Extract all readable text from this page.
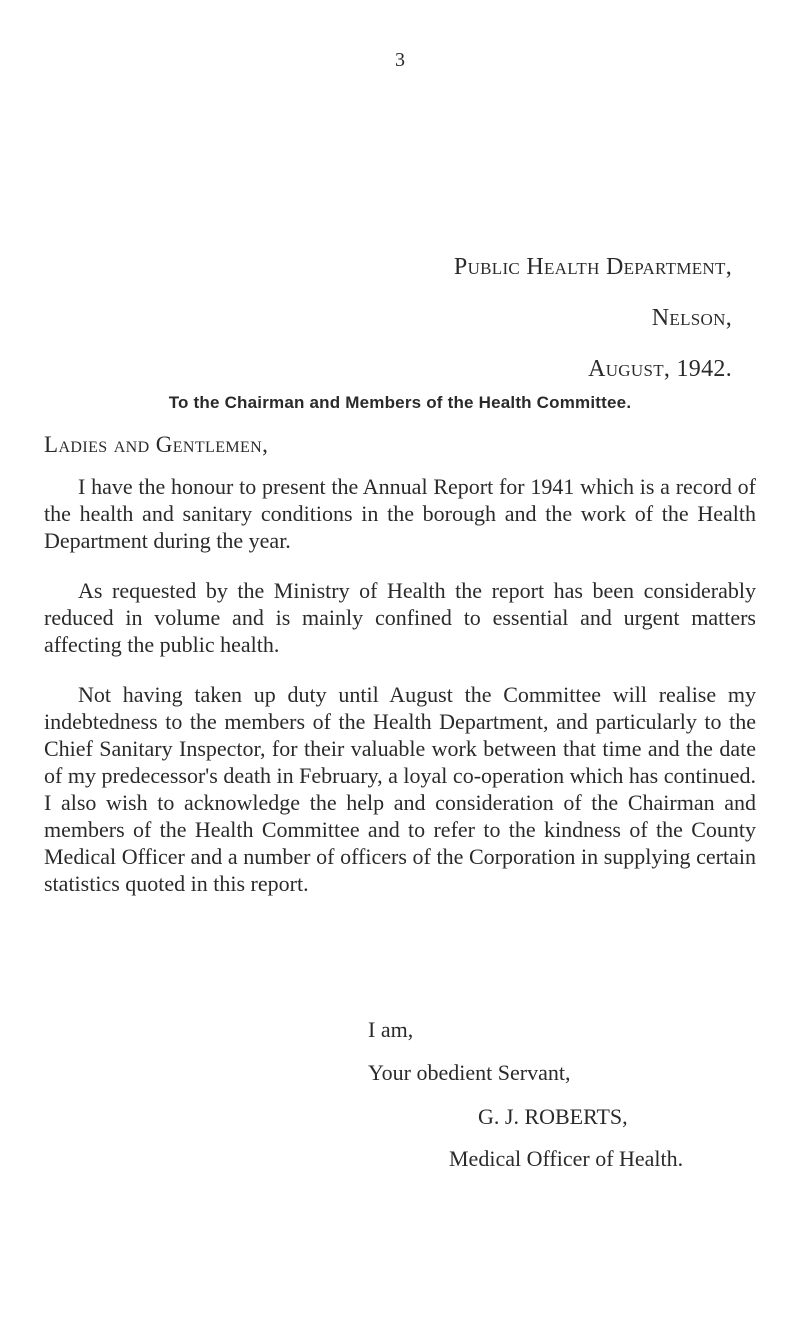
3
Public Health Department,
Nelson,
August, 1942.
To the Chairman and Members of the Health Committee.
Ladies and Gentlemen,

I have the honour to present the Annual Report for 1941 which is a record of the health and sanitary conditions in the borough and the work of the Health Department during the year.

As requested by the Ministry of Health the report has been considerably reduced in volume and is mainly confined to essential and urgent matters affecting the public health.

Not having taken up duty until August the Committee will realise my indebtedness to the members of the Health Department, and particularly to the Chief Sanitary Inspector, for their valuable work between that time and the date of my predecessor's death in February, a loyal co-operation which has continued. I also wish to acknowledge the help and consideration of the Chairman and members of the Health Committee and to refer to the kindness of the County Medical Officer and a number of officers of the Corporation in supplying certain statistics quoted in this report.

I am,
Your obedient Servant,
G. J. ROBERTS,
Medical Officer of Health.
